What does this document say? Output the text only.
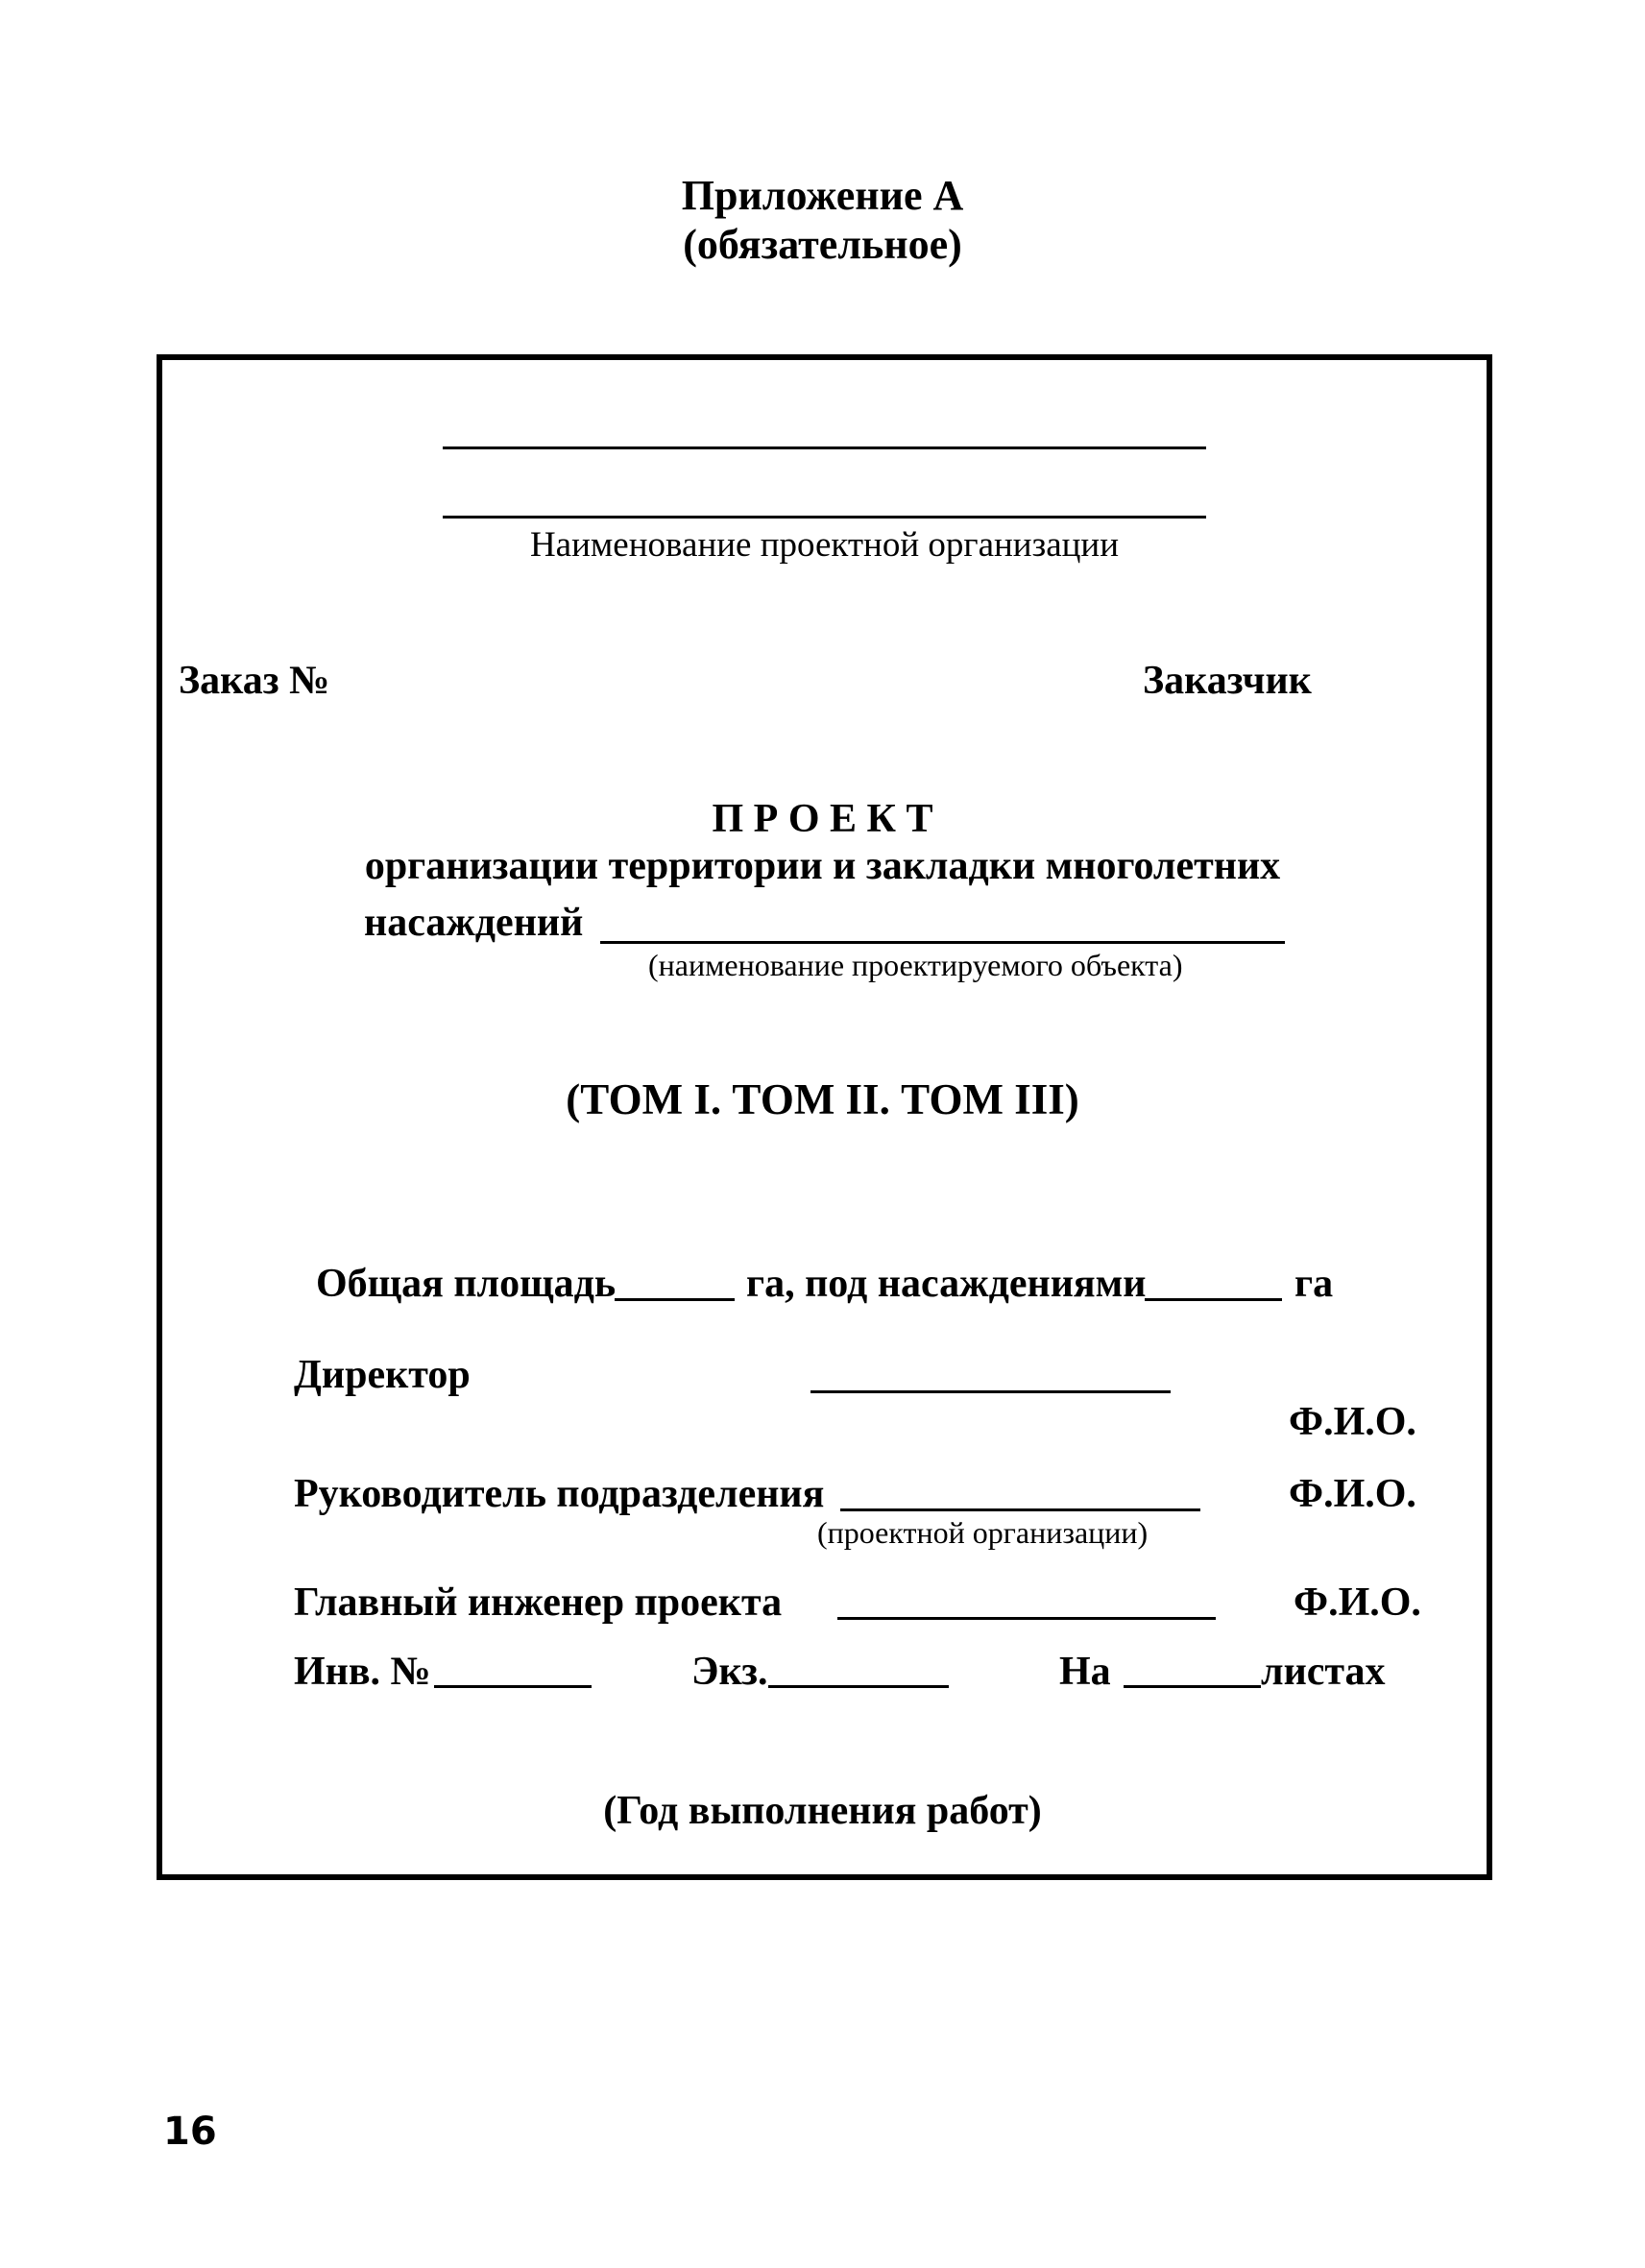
Приложение А
(обязательное)
Наименование проектной организации
Заказ №	Заказчик
П Р О Е К Т
организации территории и закладки многолетних
насаждений
(наименование проектируемого объекта)
(ТОМ I. ТОМ II. ТОМ III)
Общая площадь	га, под насаждениями	га
Директор
Ф.И.О.
Руководитель подразделения	Ф.И.О.
(проектной организации)
Главный инженер проекта	Ф.И.О.
Инв. №	Экз.	На	листах
(Год выполнения работ)
16
